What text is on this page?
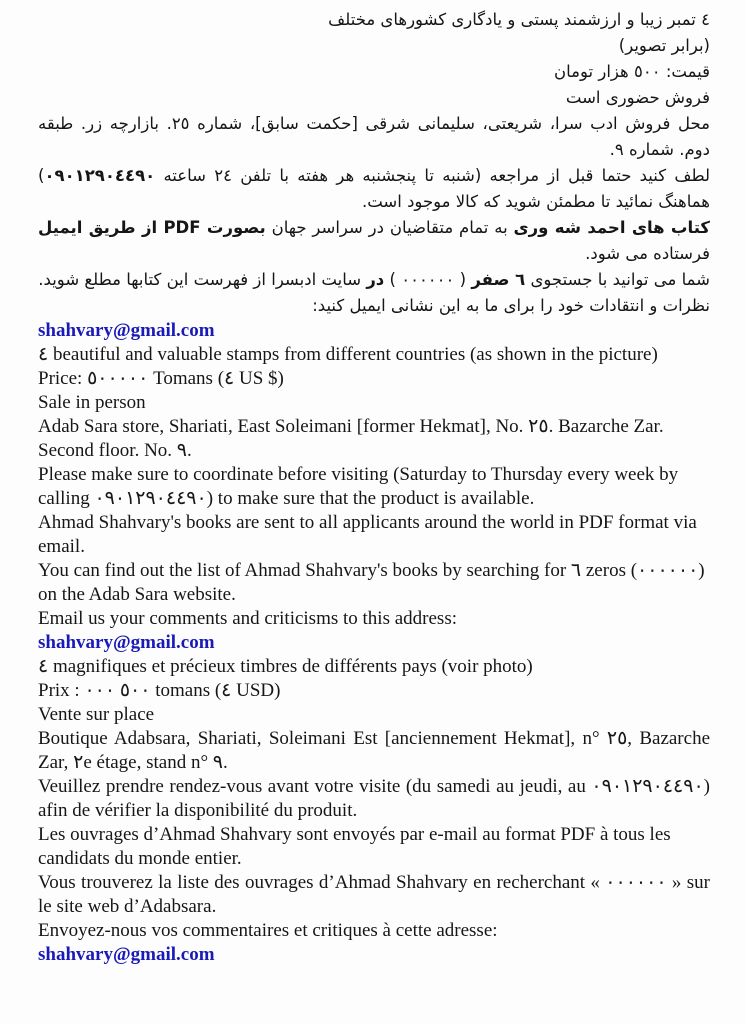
٤ تمبر زیبا و ارزشمند پستی و یادگاری کشورهای مختلف
(برابر تصویر)
قیمت: ٥٠٠ هزار تومان
فروش حضوری است
محل فروش ادب سرا، شریعتی، سلیمانی شرقی [حکمت سابق]، شماره ٢٥. بازارچه زر. طبقه دوم. شماره ٩.
لطف کنید حتما قبل از مراجعه (شنبه تا پنجشنبه هر هفته با تلفن ٢٤ ساعته ٠٩٠١٢٩٠٤٤٩٠) هماهنگ نمائید تا مطمئن شوید که کالا موجود است.
کتاب های احمد شه وری به تمام متقاضیان در سراسر جهان بصورت PDF از طریق ایمیل فرستاده می شود.
شما می توانید با جستجوی ٦ صفر ( ٠٠٠٠٠٠ ) در سایت ادبسرا از فهرست این کتابها مطلع شوید.
نظرات و انتقادات خود را برای ما به این نشانی ایمیل کنید:
shahvary@gmail.com
٤ beautiful and valuable stamps from different countries (as shown in the picture)
Price: ٥٠٠٠٠٠ Tomans (٤ US $)
Sale in person
Adab Sara store, Shariati, East Soleimani [former Hekmat], No. ٢٥. Bazarche Zar. Second floor. No. ٩.
Please make sure to coordinate before visiting (Saturday to Thursday every week by calling ٠٩٠١٢٩٠٤٤٩٠) to make sure that the product is available.
Ahmad Shahvary's books are sent to all applicants around the world in PDF format via email.
You can find out the list of Ahmad Shahvary's books by searching for ٦ zeros (٠٠٠٠٠٠) on the Adab Sara website.
Email us your comments and criticisms to this address:
shahvary@gmail.com
٤ magnifiques et précieux timbres de différents pays (voir photo)
Prix : ٥٠٠ ٠٠٠ tomans (٤ USD)
Vente sur place
Boutique Adabsara, Shariati, Soleimani Est [anciennement Hekmat], n° ٢٥, Bazarche Zar, ٢e étage, stand n° ٩.
Veuillez prendre rendez-vous avant votre visite (du samedi au jeudi, au ٠٩٠١٢٩٠٤٤٩٠) afin de vérifier la disponibilité du produit.
Les ouvrages d’Ahmad Shahvary sont envoyés par e-mail au format PDF à tous les candidats du monde entier.
Vous trouverez la liste des ouvrages d’Ahmad Shahvary en recherchant « ٠٠٠٠٠٠ » sur le site web d’Adabsara.
Envoyez-nous vos commentaires et critiques à cette adresse:
shahvary@gmail.com
